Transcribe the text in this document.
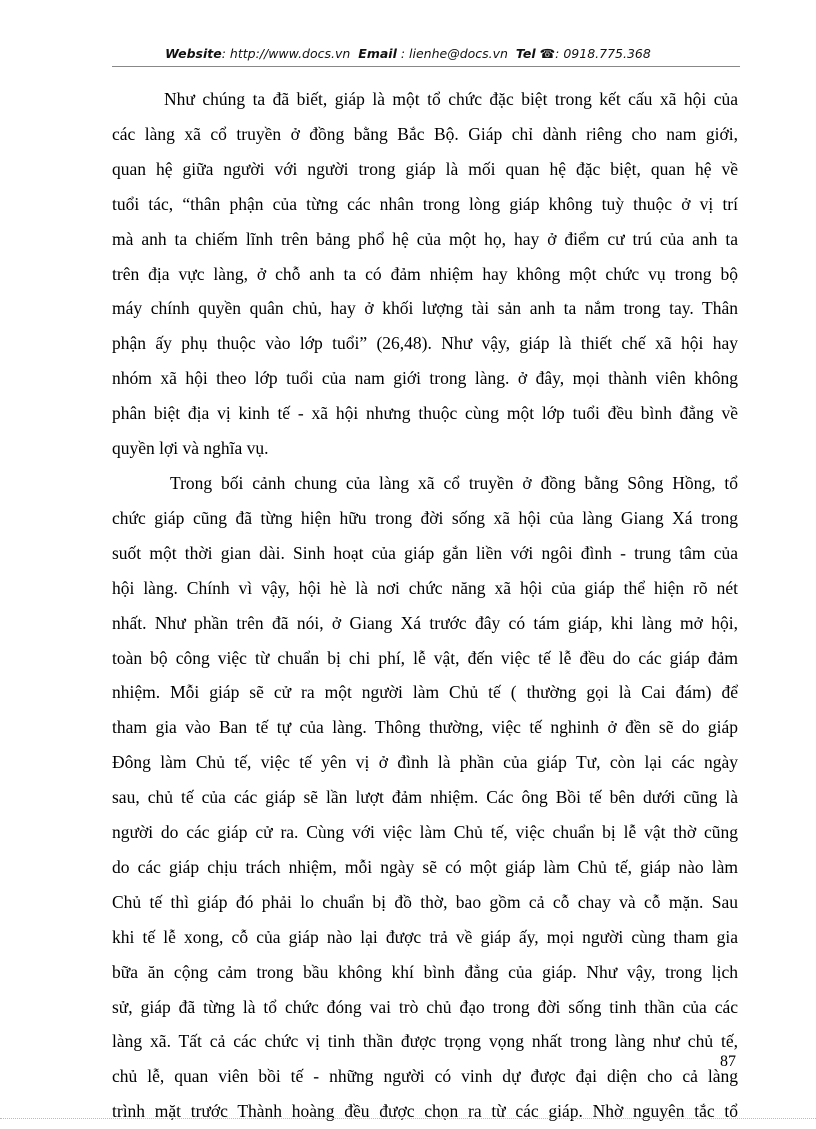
Website: http://www.docs.vn Email : lienhe@docs.vn Tel ☎: 0918.775.368
Như chúng ta đã biết, giáp là một tổ chức đặc biệt trong kết cấu xã hội của
các làng xã cổ truyền ở đồng bằng Bắc Bộ. Giáp chỉ dành riêng cho nam giới,
quan hệ giữa người với người trong giáp là mối quan hệ đặc biệt, quan hệ về
tuổi tác, “thân phận của từng các nhân trong lòng giáp không tuỳ thuộc ở vị trí
mà anh ta chiếm lĩnh trên bảng phổ hệ của một họ, hay ở điểm cư trú của anh ta
trên địa vực làng, ở chỗ anh ta có đảm nhiệm hay không một chức vụ trong bộ
máy chính quyền quân chủ, hay ở khối lượng tài sản anh ta nắm trong tay. Thân
phận ấy phụ thuộc vào lớp tuổi” (26,48). Như vậy, giáp là thiết chế xã hội hay
nhóm xã hội theo lớp tuổi của nam giới trong làng. ở đây, mọi thành viên không
phân biệt địa vị kinh tế - xã hội nhưng thuộc cùng một lớp tuổi đều bình đẳng về
quyền lợi và nghĩa vụ.
Trong bối cảnh chung của làng xã cổ truyền ở đồng bằng Sông Hồng, tổ
chức giáp cũng đã từng hiện hữu trong đời sống xã hội của làng Giang Xá trong
suốt một thời gian dài. Sinh hoạt của giáp gắn liền với ngôi đình - trung tâm của
hội làng. Chính vì vậy, hội hè là nơi chức năng xã hội của giáp thể hiện rõ nét
nhất. Như phần trên đã nói, ở Giang Xá trước đây có tám giáp, khi làng mở hội,
toàn bộ công việc từ chuẩn bị chi phí, lễ vật, đến việc tế lễ đều do các giáp đảm
nhiệm. Mỗi giáp sẽ cử ra một người làm Chủ tế ( thường gọi là Cai đám) để
tham gia vào Ban tế tự của làng. Thông thường, việc tế nghinh ở đền sẽ do giáp
Đông làm Chủ tế, việc tế yên vị ở đình là phần của giáp Tư, còn lại các ngày
sau, chủ tế của các giáp sẽ lần lượt đảm nhiệm. Các ông Bồi tế bên dưới cũng là
người do các giáp cử ra. Cùng với việc làm Chủ tế, việc chuẩn bị lễ vật thờ cũng
do các giáp chịu trách nhiệm, mỗi ngày sẽ có một giáp làm Chủ tế, giáp nào làm
Chủ tế thì giáp đó phải lo chuẩn bị đồ thờ, bao gồm cả cỗ chay và cỗ mặn. Sau
khi tế lễ xong, cỗ của giáp nào lại được trả về giáp ấy, mọi người cùng tham gia
bữa ăn cộng cảm trong bầu không khí bình đẳng của giáp. Như vậy, trong lịch
sử, giáp đã từng là tổ chức đóng vai trò chủ đạo trong đời sống tinh thần của các
làng xã. Tất cả các chức vị tinh thần được trọng vọng nhất trong làng như chủ tế,
chủ lễ, quan viên bồi tế - những người có vinh dự được đại diện cho cả làng
trình mặt trước Thành hoàng đều được chọn ra từ các giáp. Nhờ nguyên tắc tổ
87
